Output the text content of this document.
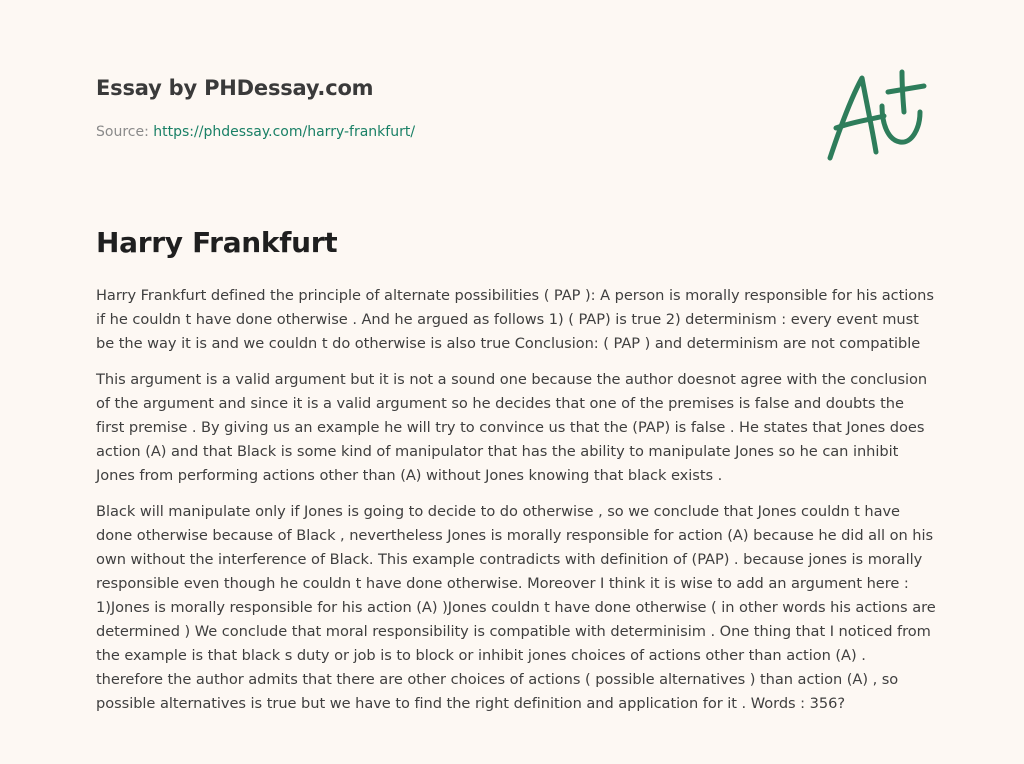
Essay by PHDessay.com
Source: https://phdessay.com/harry-frankfurt/
Harry Frankfurt

Harry Frankfurt defined the principle of alternate possibilities ( PAP ): A person is morally responsible for his actions if he couldn t have done otherwise . And he argued as follows 1) ( PAP) is true 2) determinism : every event must be the way it is and we couldn t do otherwise is also true Conclusion: ( PAP ) and determinism are not compatible

This argument is a valid argument but it is not a sound one because the author doesnot agree with the conclusion of the argument and since it is a valid argument so he decides that one of the premises is false and doubts the first premise . By giving us an example he will try to convince us that the (PAP) is false . He states that Jones does action (A) and that Black is some kind of manipulator that has the ability to manipulate Jones so he can inhibit Jones from performing actions other than (A) without Jones knowing that black exists .

Black will manipulate only if Jones is going to decide to do otherwise , so we conclude that Jones couldn t have done otherwise because of Black , nevertheless Jones is morally responsible for action (A) because he did all on his own without the interference of Black. This example contradicts with definition of (PAP) . because jones is morally responsible even though he couldn t have done otherwise. Moreover I think it is wise to add an argument here : 1)Jones is morally responsible for his action (A) )Jones couldn t have done otherwise ( in other words his actions are determined ) We conclude that moral responsibility is compatible with determinisim . One thing that I noticed from the example is that black s duty or job is to block or inhibit jones choices of actions other than action (A) . therefore the author admits that there are other choices of actions ( possible alternatives ) than action (A) , so possible alternatives is true but we have to find the right definition and application for it . Words : 356?
